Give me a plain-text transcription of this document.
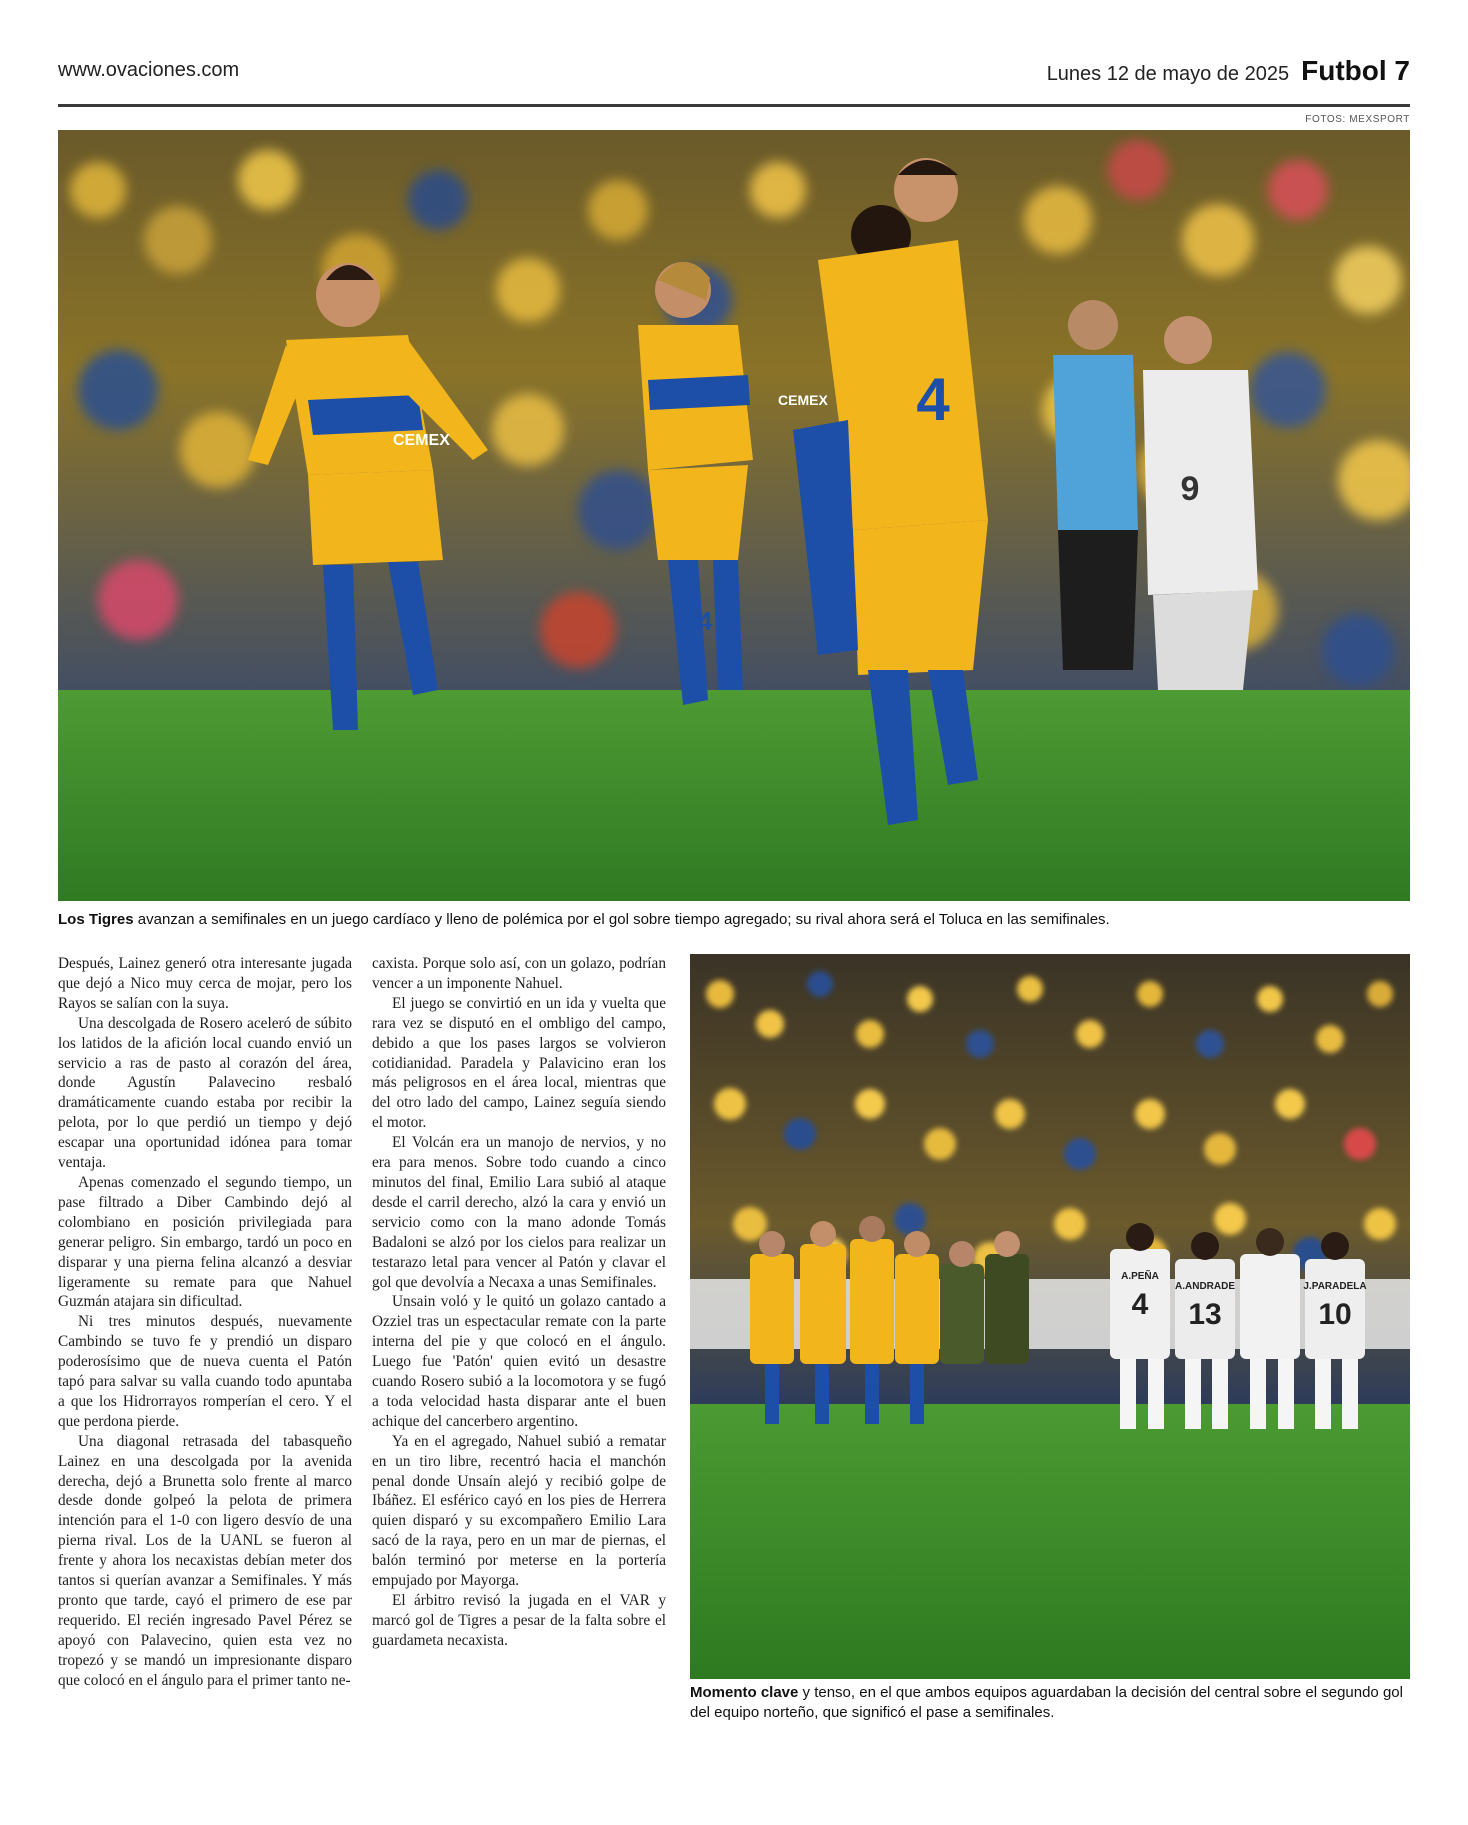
www.ovaciones.com	Lunes 12 de mayo de 2025 Futbol 7
FOTOS: MEXSPORT
CEMEX
CEMEX 4
24
9
Los Tigres avanzan a semifinales en un juego cardíaco y lleno de polémica por el gol sobre tiempo agregado; su rival ahora será el Toluca en las semifinales.

Después, Lainez generó otra interesante jugada que dejó a Nico muy cerca de mojar, pero los Rayos se salían con la suya.

Una descolgada de Rosero aceleró de súbito los latidos de la afición local cuando envió un servicio a ras de pasto al corazón del área, donde Agustín Palavecino resbaló dramáticamente cuando estaba por recibir la pelota, por lo que perdió un tiempo y dejó escapar una oportunidad idónea para tomar ventaja.

Apenas comenzado el segundo tiempo, un pase filtrado a Diber Cambindo dejó al colombiano en posición privilegiada para generar peligro. Sin embargo, tardó un poco en disparar y una pierna felina alcanzó a desviar ligeramente su remate para que Nahuel Guzmán atajara sin dificultad.

Ni tres minutos después, nuevamente Cambindo se tuvo fe y prendió un disparo poderosísimo que de nueva cuenta el Patón tapó para salvar su valla cuando todo apuntaba a que los Hidrorrayos romperían el cero. Y el que perdona pierde.

Una diagonal retrasada del tabasqueño Lainez en una descolgada por la avenida derecha, dejó a Brunetta solo frente al marco desde donde golpeó la pelota de primera intención para el 1-0 con ligero desvío de una pierna rival. Los de la UANL se fueron al frente y ahora los necaxistas debían meter dos tantos si querían avanzar a Semifinales. Y más pronto que tarde, cayó el primero de ese par requerido. El recién ingresado Pavel Pérez se apoyó con Palavecino, quien esta vez no tropezó y se mandó un impresionante disparo que colocó en el ángulo para el primer tanto ne-

caxista. Porque solo así, con un golazo, podrían vencer a un imponente Nahuel.

El juego se convirtió en un ida y vuelta que rara vez se disputó en el ombligo del campo, debido a que los pases largos se volvieron cotidianidad. Paradela y Palavicino eran los más peligrosos en el área local, mientras que del otro lado del campo, Lainez seguía siendo el motor.

El Volcán era un manojo de nervios, y no era para menos. Sobre todo cuando a cinco minutos del final, Emilio Lara subió al ataque desde el carril derecho, alzó la cara y envió un servicio como con la mano adonde Tomás Badaloni se alzó por los cielos para realizar un testarazo letal para vencer al Patón y clavar el gol que devolvía a Necaxa a unas Semifinales.

Unsain voló y le quitó un golazo cantado a Ozziel tras un espectacular remate con la parte interna del pie y que colocó en el ángulo. Luego fue 'Patón' quien evitó un desastre cuando Rosero subió a la locomotora y se fugó a toda velocidad hasta disparar ante el buen achique del cancerbero argentino.

Ya en el agregado, Nahuel subió a rematar en un tiro libre, recentró hacia el manchón penal donde Unsaín alejó y recibió golpe de Ibáñez. El esférico cayó en los pies de Herrera quien disparó y su excompañero Emilio Lara sacó de la raya, pero en un mar de piernas, el balón terminó por meterse en la portería empujado por Mayorga.

El árbitro revisó la jugada en el VAR y marcó gol de Tigres a pesar de la falta sobre el guardameta necaxista.

A.PEÑA
4
A.ANDRADE
13
J.PARADELA
10
Momento clave y tenso, en el que ambos equipos aguardaban la decisión del central sobre el segundo gol del equipo norteño, que significó el pase a semifinales.
